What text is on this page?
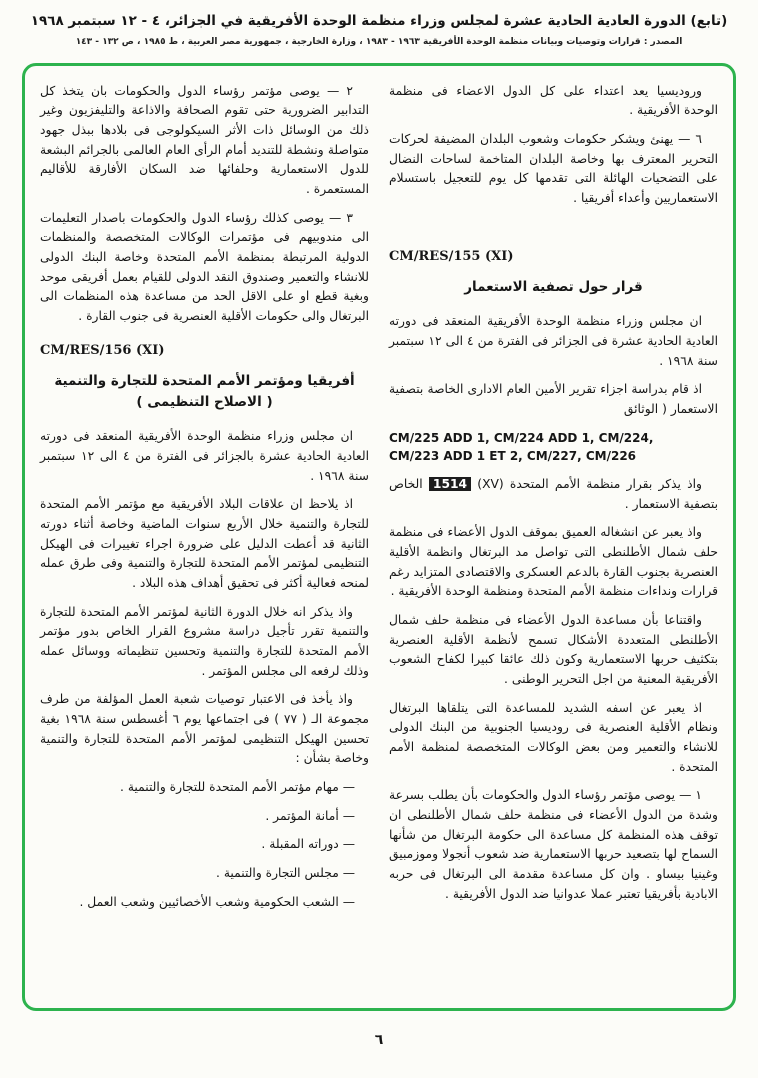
(تابع) الدورة العادية الحادية عشرة لمجلس وزراء منظمة الوحدة الأفريقية في الجزائر، ٤ - ١٢ سبتمبر ١٩٦٨
المصدر : قرارات وتوصيات وبيانات منظمة الوحدة الأفريقية ١٩٦٣ - ١٩٨٣ ، وزارة الخارجية ، جمهورية مصر العربية ، ط ١٩٨٥ ، ص ١٣٢ - ١٤٣

وروديسيا يعد اعتداء على كل الدول الاعضاء فى منظمة الوحدة الأفريقية .

٦ — يهنئ ويشكر حكومات وشعوب البلدان المضيفة لحركات التحرير المعترف بها وخاصة البلدان المتاخمة لساحات النضال على التضحيات الهائلة التى تقدمها كل يوم للتعجيل باستسلام الاستعماريين وأعداء أفريقيا .

CM/RES/155 (XI)

قرار حول تصفية الاستعمار

ان مجلس وزراء منظمة الوحدة الأفريقية المنعقد فى دورته العادية الحادية عشرة فى الجزائر فى الفترة من ٤ الى ١٢ سبتمبر سنة ١٩٦٨ .

اذ قام بدراسة اجزاء تقرير الأمين العام الادارى الخاصة بتصفية الاستعمار ( الوثائق

CM/225 ADD 1, CM/224 ADD 1, CM/224,
CM/223 ADD 1 ET 2, CM/227, CM/226

واذ يذكر بقرار منظمة الأمم المتحدة 1514 (XV) الخاص بتصفية الاستعمار .

واذ يعبر عن انشغاله العميق بموقف الدول الأعضاء فى منظمة حلف شمال الأطلنطى التى تواصل مد البرتغال وانظمة الأقلية العنصرية بجنوب القارة بالدعم العسكرى والاقتصادى المتزايد رغم قرارات ونداءات منظمة الأمم المتحدة ومنظمة الوحدة الأفريقية .

واقتناعا بأن مساعدة الدول الأعضاء فى منظمة حلف شمال الأطلنطى المتعددة الأشكال تسمح لأنظمة الأقلية العنصرية بتكثيف حربها الاستعمارية وكون ذلك عائقا كبيرا لكفاح الشعوب الأفريقية المعنية من اجل التحرير الوطنى .

اذ يعبر عن اسفه الشديد للمساعدة التى يتلقاها البرتغال ونظام الأقلية العنصرية فى روديسيا الجنوبية من البنك الدولى للانشاء والتعمير ومن بعض الوكالات المتخصصة لمنظمة الأمم المتحدة .

١ — يوصى مؤتمر رؤساء الدول والحكومات بأن يطلب بسرعة وشدة من الدول الأعضاء فى منظمة حلف شمال الأطلنطى ان توقف هذه المنظمة كل مساعدة الى حكومة البرتغال من شأنها السماح لها بتصعيد حربها الاستعمارية ضد شعوب أنجولا وموزمبيق وغينيا بيساو . وان كل مساعدة مقدمة الى البرتغال فى حربه الابادية بأفريقيا تعتبر عملا عدوانيا ضد الدول الأفريقية .

٢ — يوصى مؤتمر رؤساء الدول والحكومات بان يتخذ كل التدابير الضرورية حتى تقوم الصحافة والاذاعة والتليفزيون وغير ذلك من الوسائل ذات الأثر السيكولوجى فى بلادها ببذل جهود متواصلة ونشطة للتنديد أمام الرأى العام العالمى بالجرائم البشعة للدول الاستعمارية وحلفائها ضد السكان الأفارقة للأقاليم المستعمرة .

٣ — يوصى كذلك رؤساء الدول والحكومات باصدار التعليمات الى مندوبيهم فى مؤتمرات الوكالات المتخصصة والمنظمات الدولية المرتبطة بمنظمة الأمم المتحدة وخاصة البنك الدولى للانشاء والتعمير وصندوق النقد الدولى للقيام بعمل أفريقى موحد وبغية قطع او على الاقل الحد من مساعدة هذه المنظمات الى البرتغال والى حكومات الأقلية العنصرية فى جنوب القارة .

CM/RES/156 (XI)

أفريقيا ومؤتمر الأمم المتحدة للتجارة والتنمية
( الاصلاح التنظيمى )

ان مجلس وزراء منظمة الوحدة الأفريقية المنعقد فى دورته العادية الحادية عشرة بالجزائر فى الفترة من ٤ الى ١٢ سبتمبر سنة ١٩٦٨ .

اذ يلاحظ ان علاقات البلاد الأفريقية مع مؤتمر الأمم المتحدة للتجارة والتنمية خلال الأربع سنوات الماضية وخاصة أثناء دورته الثانية قد أعطت الدليل على ضرورة اجراء تغييرات فى الهيكل التنظيمى لمؤتمر الأمم المتحدة للتجارة والتنمية وفى طرق عمله لمنحه فعالية أكثر فى تحقيق أهداف هذه البلاد .

واذ يذكر انه خلال الدورة الثانية لمؤتمر الأمم المتحدة للتجارة والتنمية تقرر تأجيل دراسة مشروع القرار الخاص بدور مؤتمر الأمم المتحدة للتجارة والتنمية وتحسين تنظيماته ووسائل عمله وذلك لرفعه الى مجلس المؤتمر .

واذ يأخذ فى الاعتبار توصيات شعبة العمل المؤلفة من طرف مجموعة الـ ( ٧٧ ) فى اجتماعها يوم ٦ أغسطس سنة ١٩٦٨ بغية تحسين الهيكل التنظيمى لمؤتمر الأمم المتحدة للتجارة والتنمية وخاصة بشأن :

— مهام مؤتمر الأمم المتحدة للتجارة والتنمية .
— أمانة المؤتمر .
— دوراته المقبلة .
— مجلس التجارة والتنمية .
— الشعب الحكومية وشعب الأخصائيين وشعب العمل .
٦
